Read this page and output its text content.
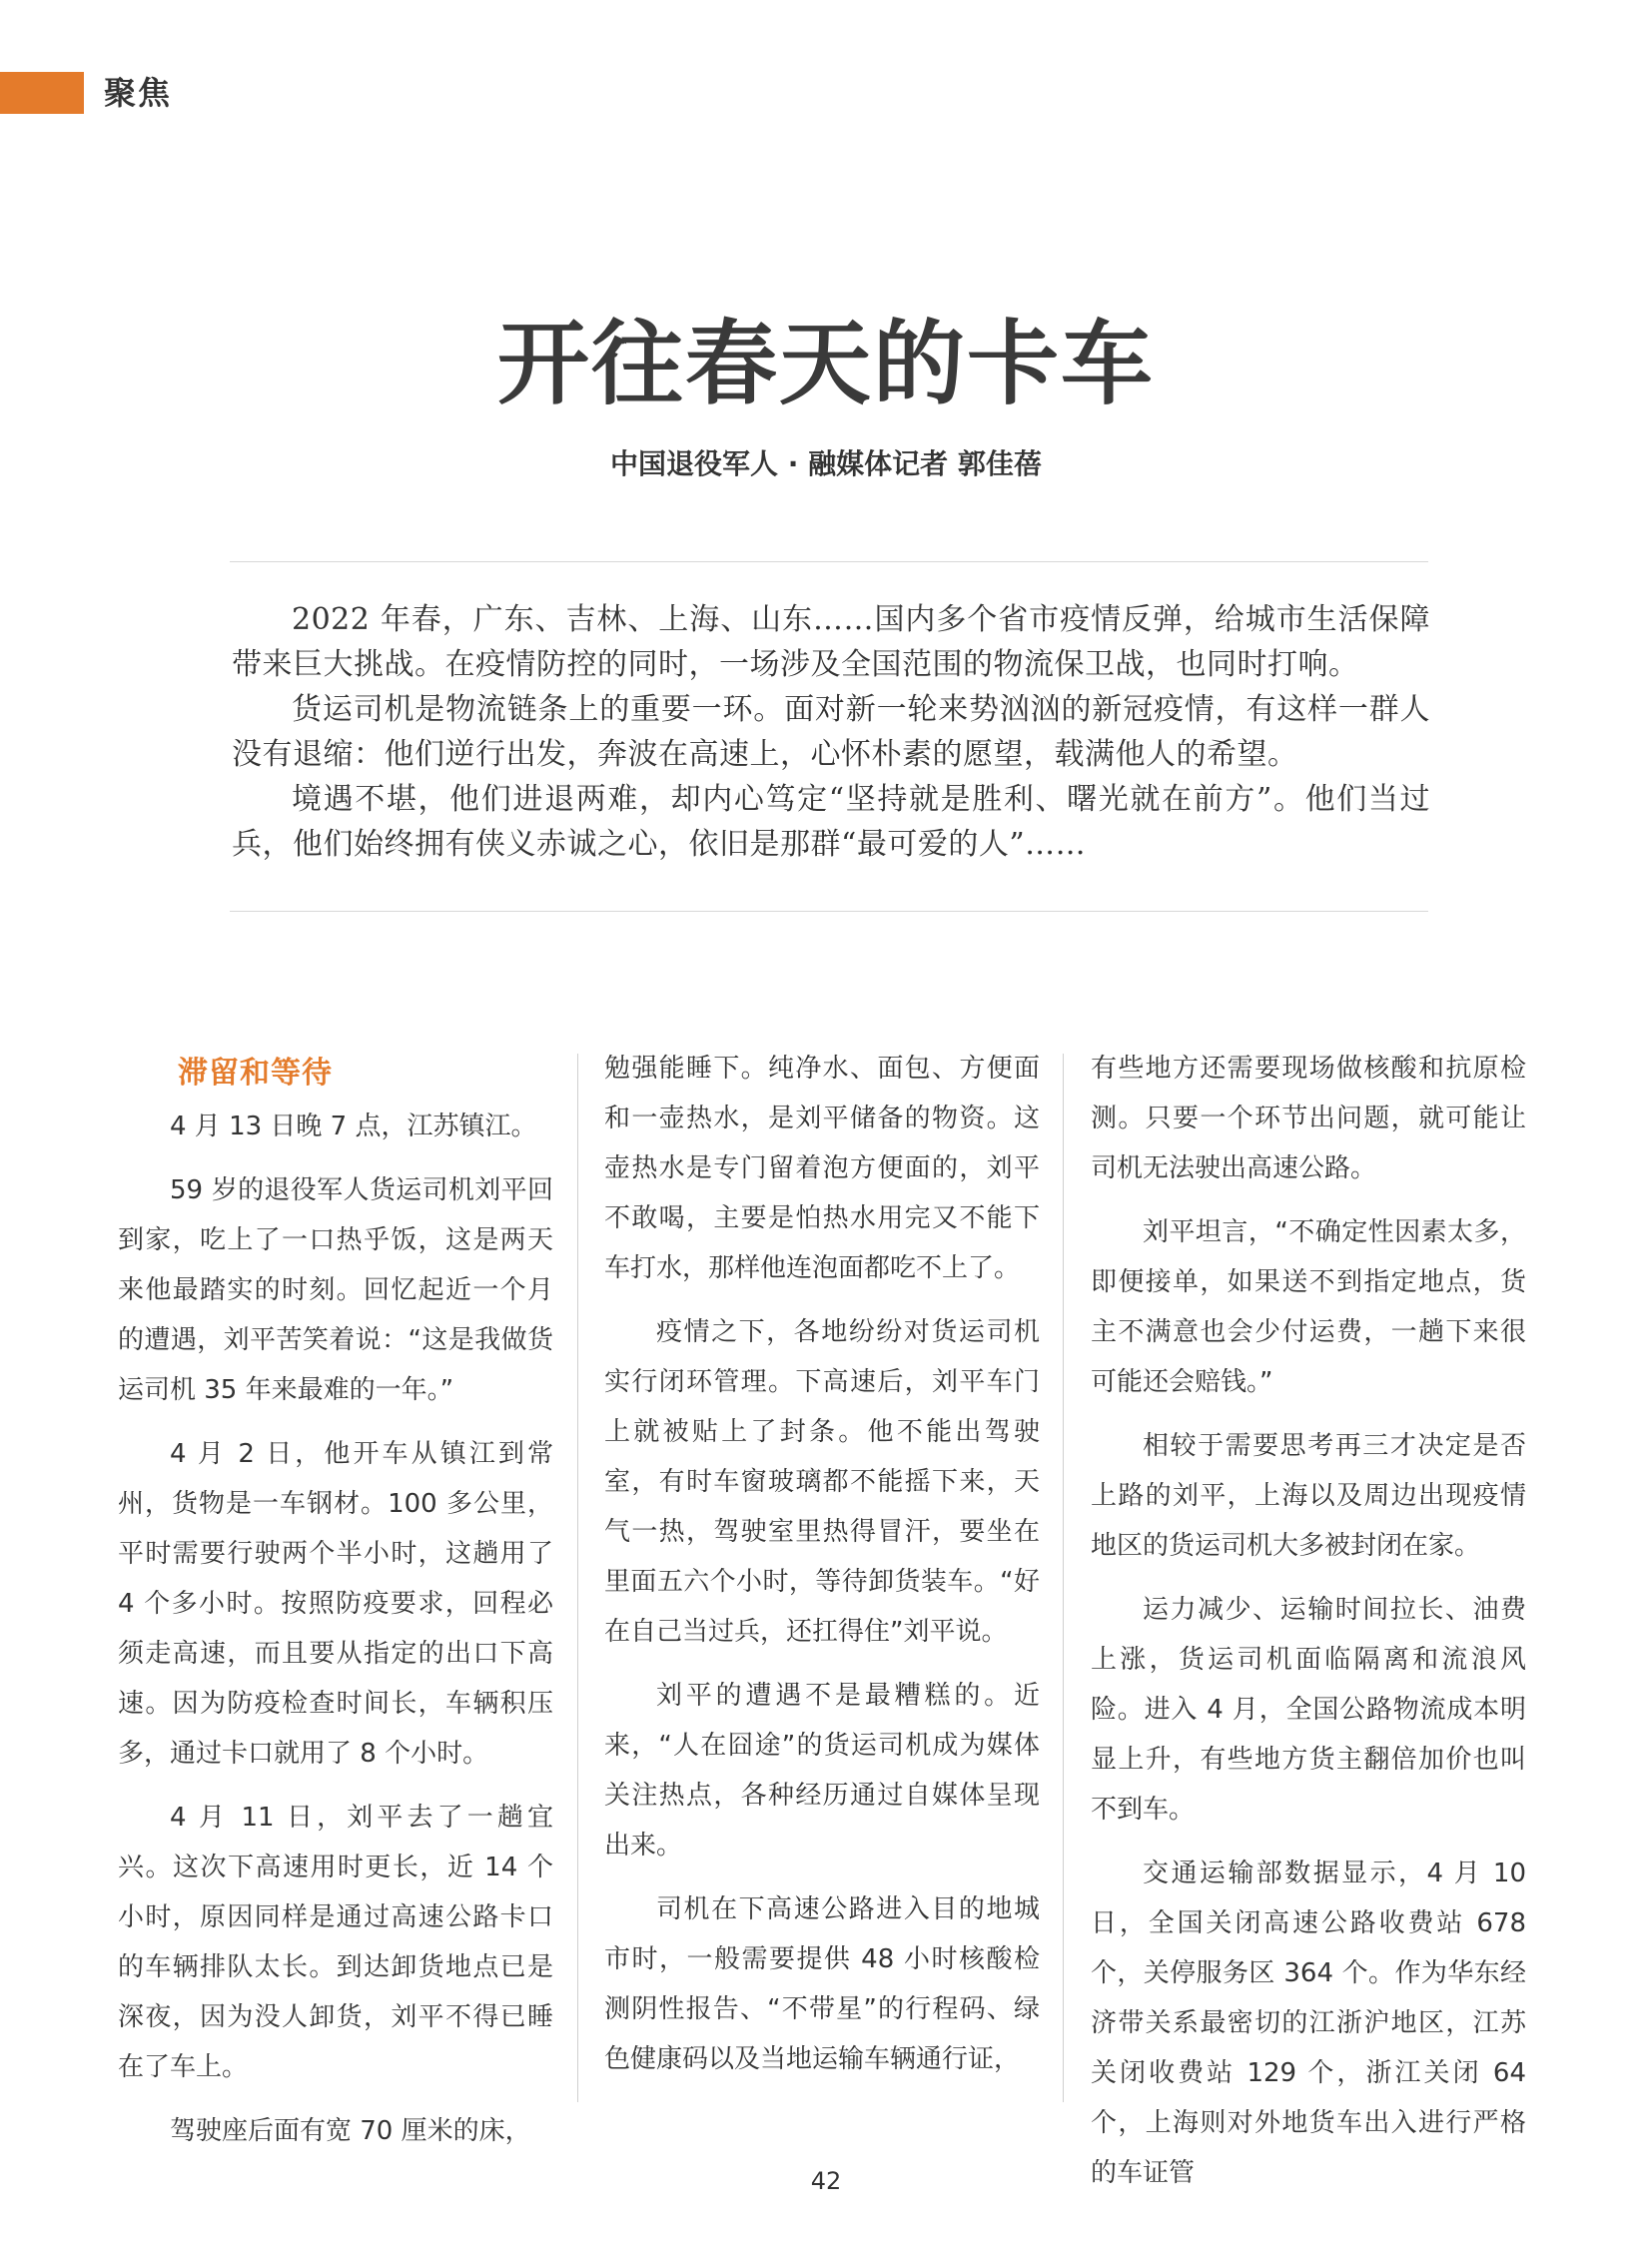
聚焦
开往春天的卡车
中国退役军人 · 融媒体记者 郭佳蓓

2022 年春，广东、吉林、上海、山东……国内多个省市疫情反弹，给城市生活保障带来巨大挑战。在疫情防控的同时，一场涉及全国范围的物流保卫战，也同时打响。

货运司机是物流链条上的重要一环。面对新一轮来势汹汹的新冠疫情，有这样一群人没有退缩：他们逆行出发，奔波在高速上，心怀朴素的愿望，载满他人的希望。

境遇不堪，他们进退两难，却内心笃定“坚持就是胜利、曙光就在前方”。他们当过兵，他们始终拥有侠义赤诚之心，依旧是那群“最可爱的人”……

滞留和等待

4 月 13 日晚 7 点，江苏镇江。

59 岁的退役军人货运司机刘平回到家，吃上了一口热乎饭，这是两天来他最踏实的时刻。回忆起近一个月的遭遇，刘平苦笑着说：“这是我做货运司机 35 年来最难的一年。”

4 月 2 日，他开车从镇江到常州，货物是一车钢材。100 多公里，平时需要行驶两个半小时，这趟用了 4 个多小时。按照防疫要求，回程必须走高速，而且要从指定的出口下高速。因为防疫检查时间长，车辆积压多，通过卡口就用了 8 个小时。

4 月 11 日，刘平去了一趟宜兴。这次下高速用时更长，近 14 个小时，原因同样是通过高速公路卡口的车辆排队太长。到达卸货地点已是深夜，因为没人卸货，刘平不得已睡在了车上。

驾驶座后面有宽 70 厘米的床，

勉强能睡下。纯净水、面包、方便面和一壶热水，是刘平储备的物资。这壶热水是专门留着泡方便面的，刘平不敢喝，主要是怕热水用完又不能下车打水，那样他连泡面都吃不上了。

疫情之下，各地纷纷对货运司机实行闭环管理。下高速后，刘平车门上就被贴上了封条。他不能出驾驶室，有时车窗玻璃都不能摇下来，天气一热，驾驶室里热得冒汗，要坐在里面五六个小时，等待卸货装车。“好在自己当过兵，还扛得住”刘平说。

刘平的遭遇不是最糟糕的。近来，“人在囧途”的货运司机成为媒体关注热点，各种经历通过自媒体呈现出来。

司机在下高速公路进入目的地城市时，一般需要提供 48 小时核酸检测阴性报告、“不带星”的行程码、绿色健康码以及当地运输车辆通行证，

有些地方还需要现场做核酸和抗原检测。只要一个环节出问题，就可能让司机无法驶出高速公路。

刘平坦言，“不确定性因素太多，即便接单，如果送不到指定地点，货主不满意也会少付运费，一趟下来很可能还会赔钱。”

相较于需要思考再三才决定是否上路的刘平，上海以及周边出现疫情地区的货运司机大多被封闭在家。

运力减少、运输时间拉长、油费上涨，货运司机面临隔离和流浪风险。进入 4 月，全国公路物流成本明显上升，有些地方货主翻倍加价也叫不到车。

交通运输部数据显示，4 月 10 日，全国关闭高速公路收费站 678 个，关停服务区 364 个。作为华东经济带关系最密切的江浙沪地区，江苏关闭收费站 129 个，浙江关闭 64 个，上海则对外地货车出入进行严格的车证管

42
